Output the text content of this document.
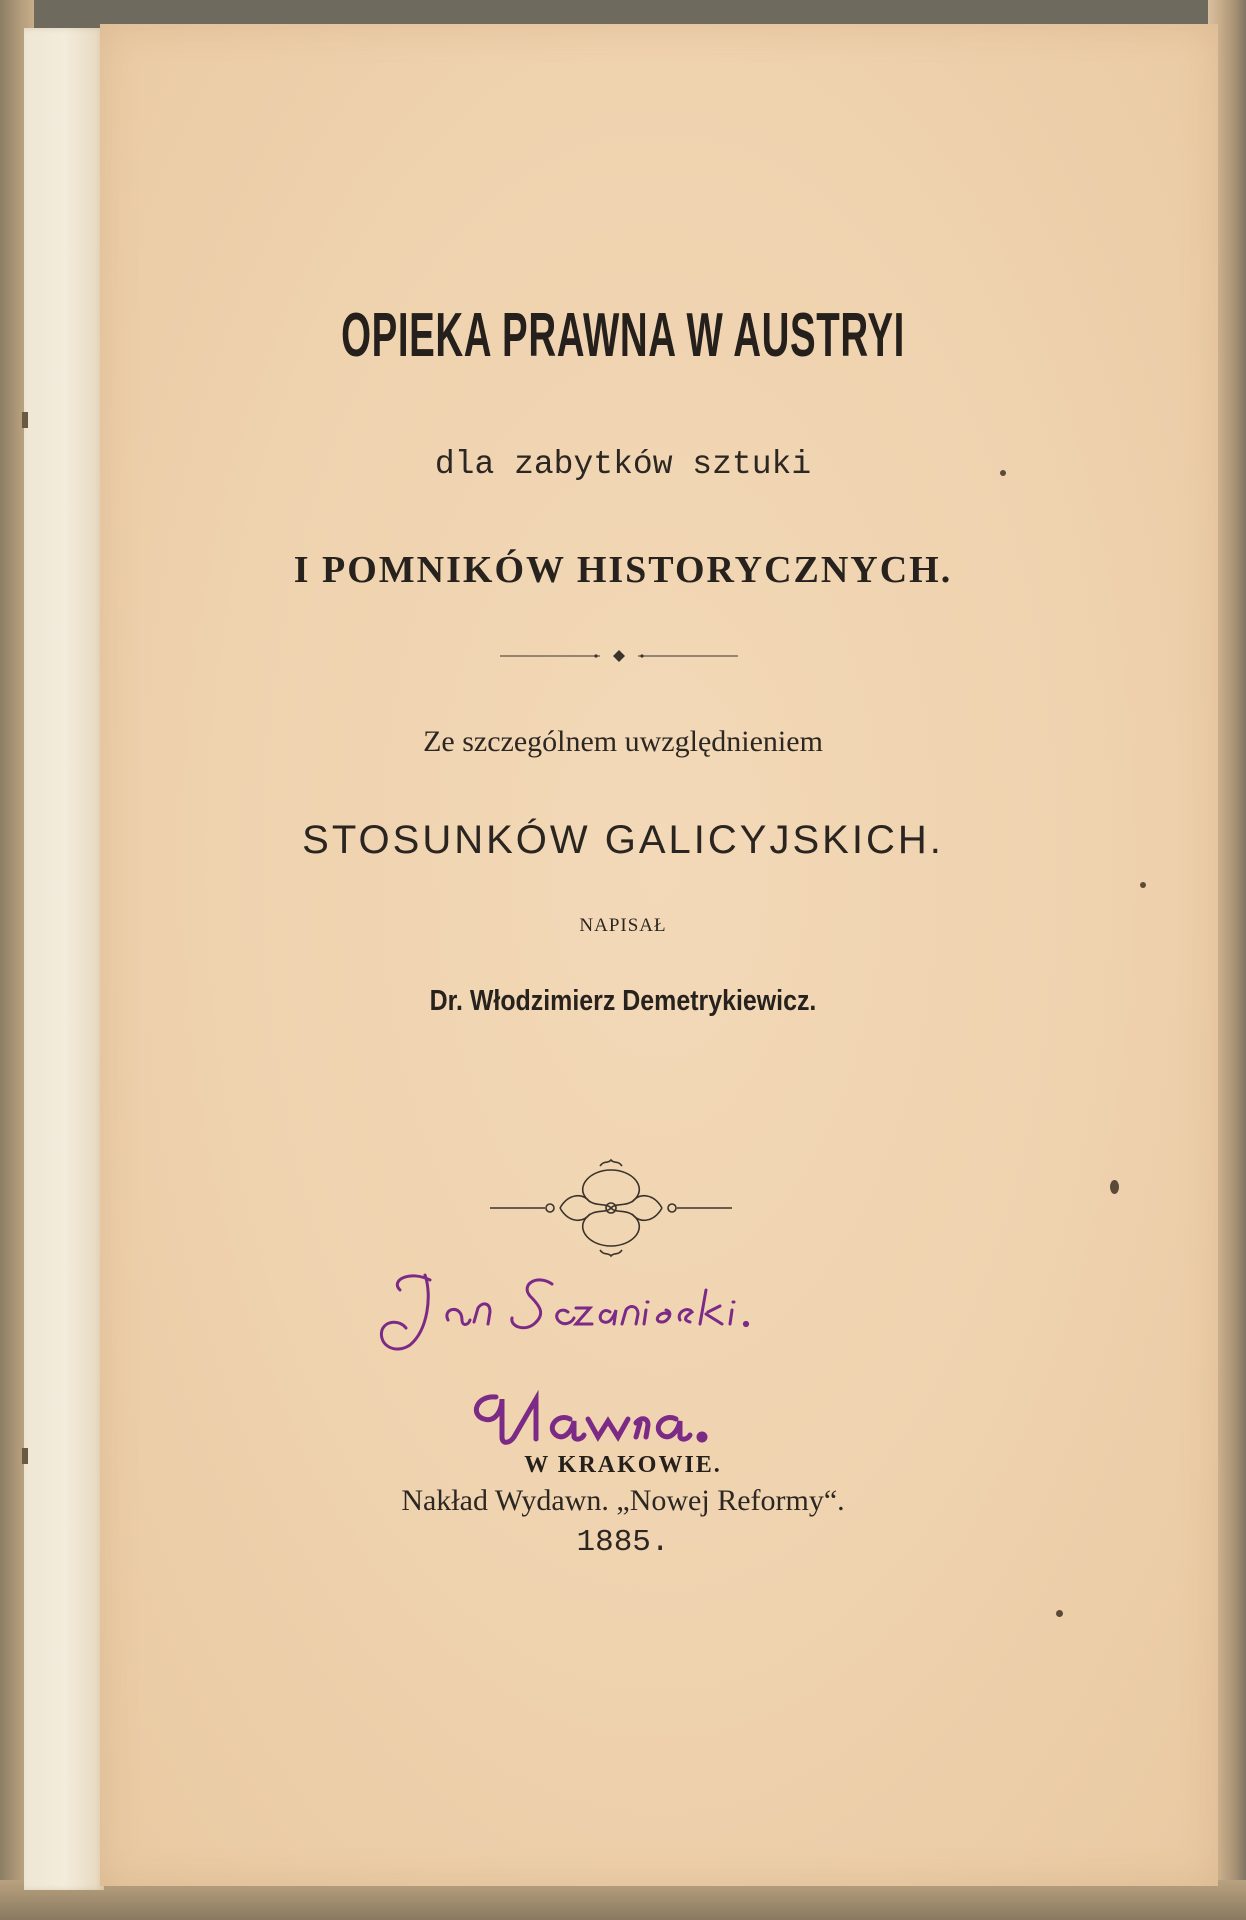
OPIEKA PRAWNA W AUSTRYI
dla zabytków sztuki
I POMNIKÓW HISTORYCZNYCH.
Ze szczególnem uwzględnieniem
STOSUNKÓW GALICYJSKICH.
NAPISAŁ
Dr. Włodzimierz Demetrykiewicz.
W KRAKOWIE.
Nakład Wydawn. „Nowej Reformy“.
1885.
